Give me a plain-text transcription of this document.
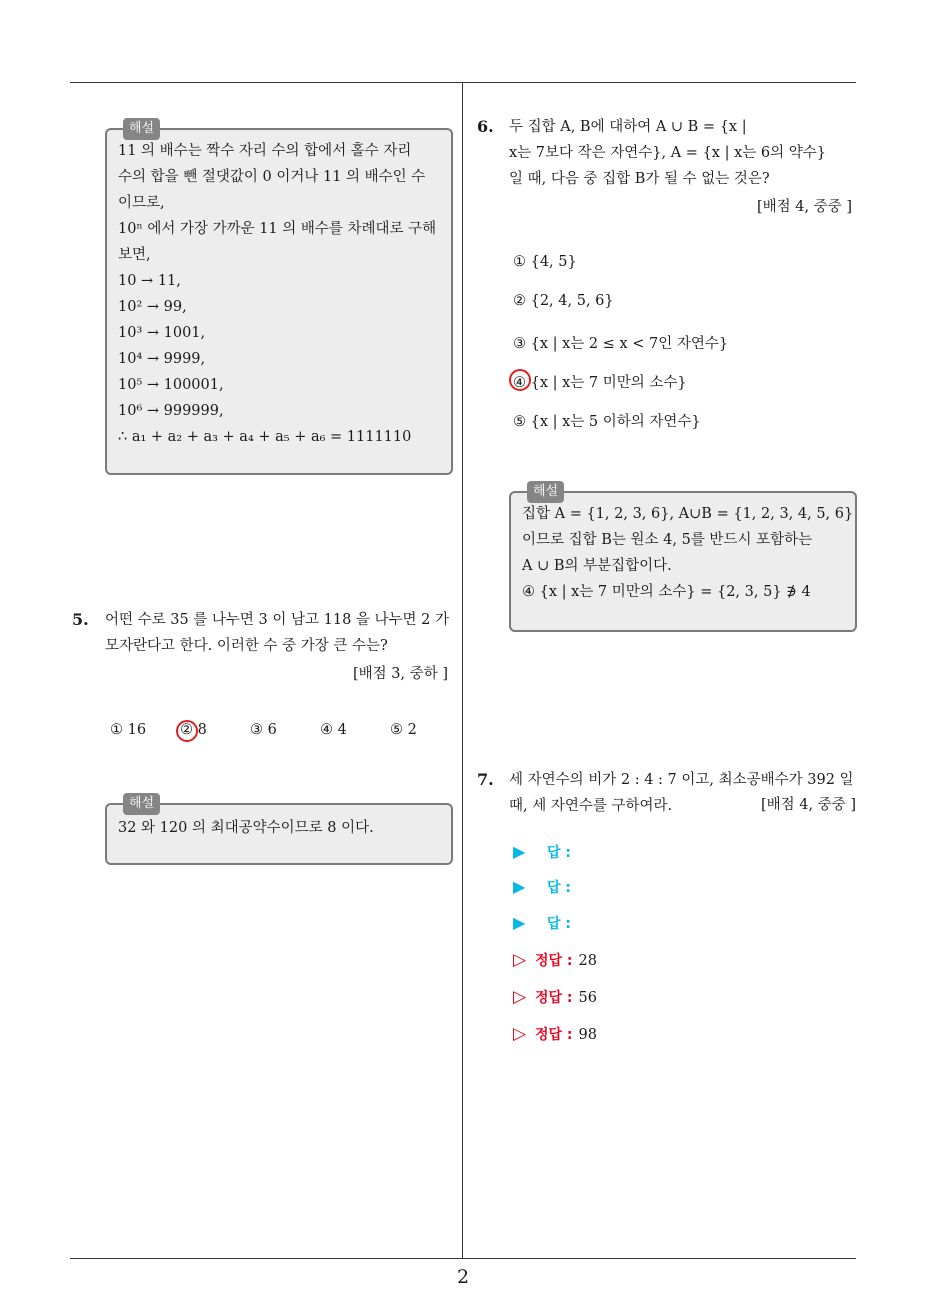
2
해설
11 의 배수는 짝수 자리 수의 합에서 홀수 자리
수의 합을 뺀 절댓값이 0 이거나 11 의 배수인 수
이므로,
10ⁿ 에서 가장 가까운 11 의 배수를 차례대로 구해
보면,
10 → 11,
10² → 99,
10³ → 1001,
10⁴ → 9999,
10⁵ → 100001,
10⁶ → 999999,
∴ a₁ + a₂ + a₃ + a₄ + a₅ + a₆ = 1111110
5. 어떤 수로 35 를 나누면 3 이 남고 118 을 나누면 2 가
모자란다고 한다. 이러한 수 중 가장 큰 수는?
[배점 3, 중하 ]
① 16 ② 8	③ 6	④ 4	⑤ 2
해설
32 와 120 의 최대공약수이므로 8 이다.
6. 두 집합 A, B에 대하여 A ∪ B = {x |
x는 7보다 작은 자연수}, A = {x | x는 6의 약수}
일 때, 다음 중 집합 B가 될 수 없는 것은?
[배점 4, 중중 ]
① {4, 5}
② {2, 4, 5, 6}
③ {x | x는 2 ≤ x < 7인 자연수}
④ {x | x는 7 미만의 소수}
⑤ {x | x는 5 이하의 자연수}
해설
집합 A = {1, 2, 3, 6}, A∪B = {1, 2, 3, 4, 5, 6}
이므로 집합 B는 원소 4, 5를 반드시 포함하는
A ∪ B의 부분집합이다.
④ {x | x는 7 미만의 소수} = {2, 3, 5} ∌ 4
7. 세 자연수의 비가 2 : 4 : 7 이고, 최소공배수가 392 일
때, 세 자연수를 구하여라.	[배점 4, 중중 ]
▶ 답 :
▶ 답 :
▶ 답 :
▷ 정답 : 28
▷ 정답 : 56
▷ 정답 : 98
